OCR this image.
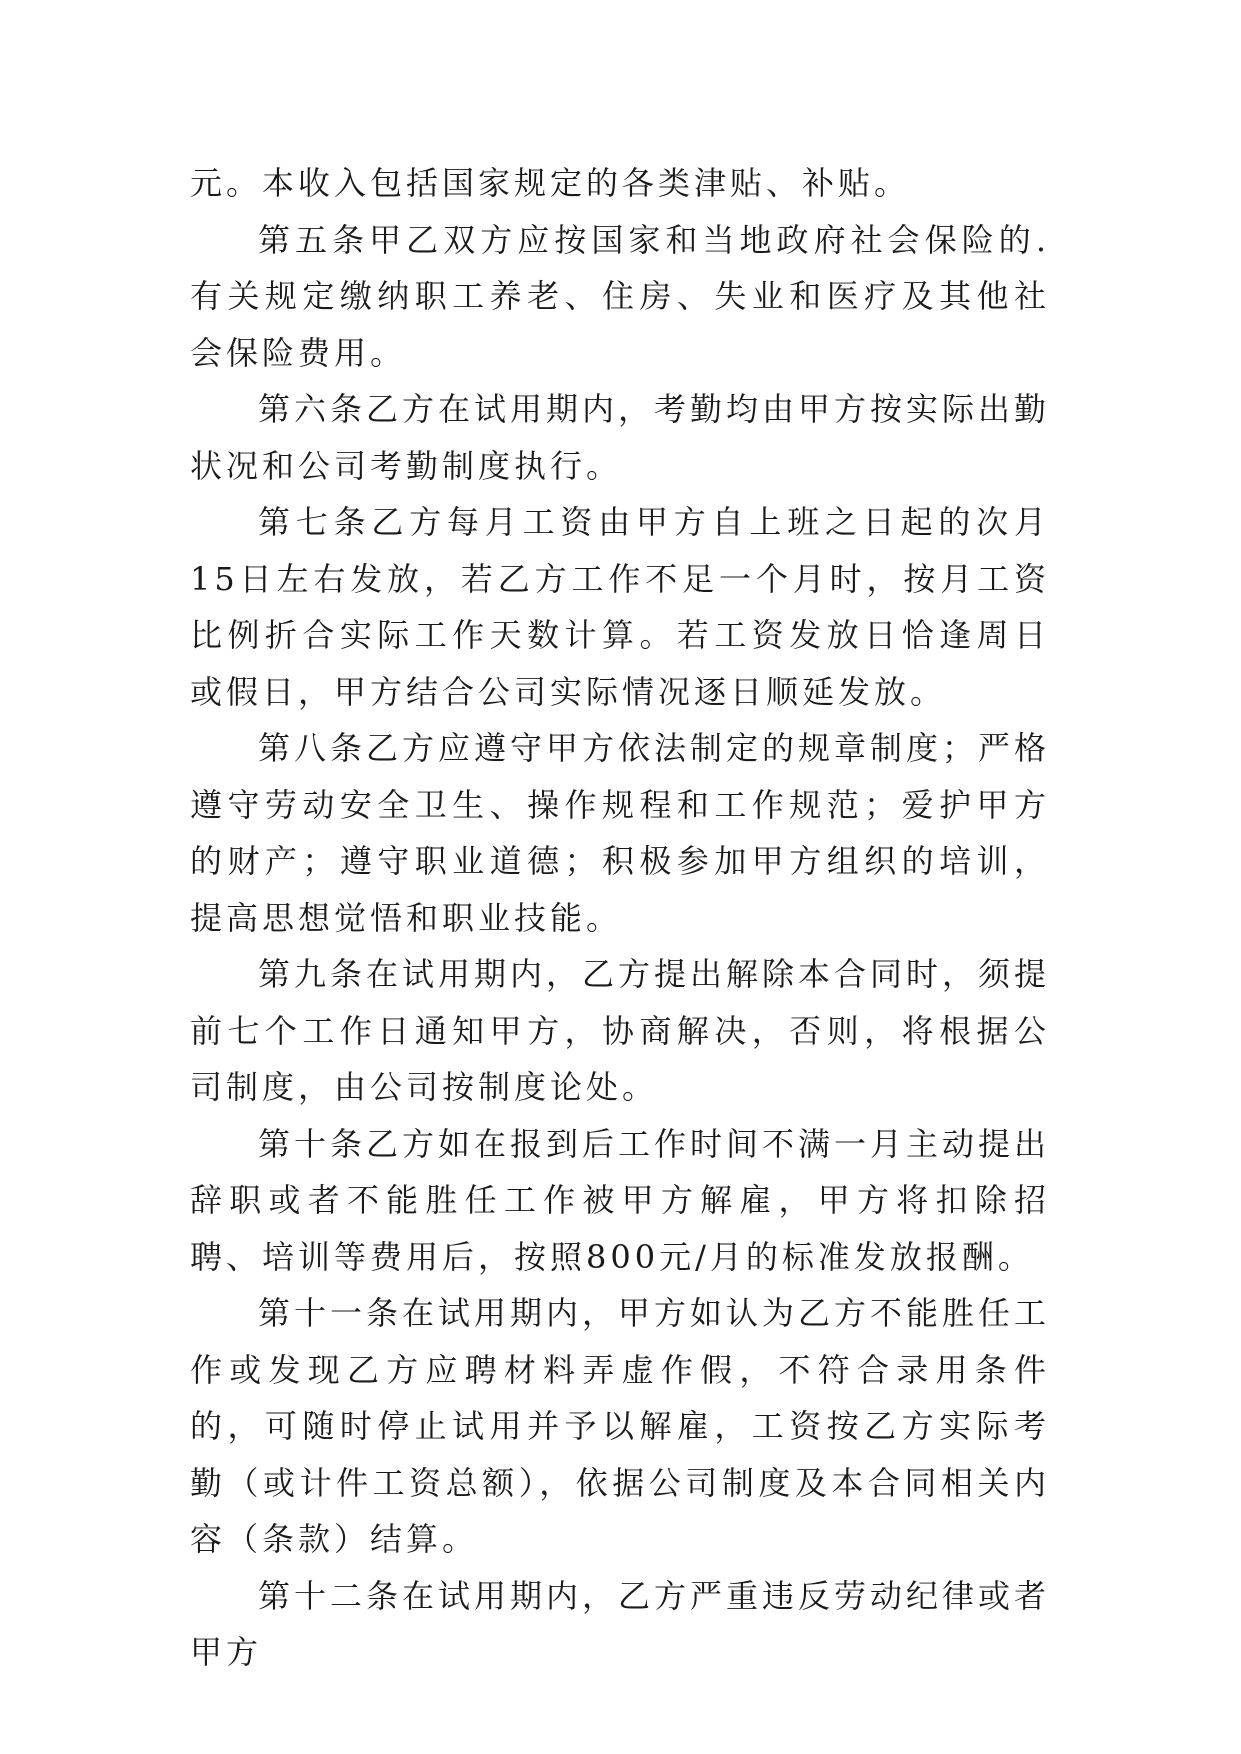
元。本收入包括国家规定的各类津贴、补贴。

第五条甲乙双方应按国家和当地政府社会保险的.有关规定缴纳职工养老、住房、失业和医疗及其他社会保险费用。

第六条乙方在试用期内，考勤均由甲方按实际出勤状况和公司考勤制度执行。

第七条乙方每月工资由甲方自上班之日起的次月15日左右发放，若乙方工作不足一个月时，按月工资比例折合实际工作天数计算。若工资发放日恰逢周日或假日，甲方结合公司实际情况逐日顺延发放。

第八条乙方应遵守甲方依法制定的规章制度；严格遵守劳动安全卫生、操作规程和工作规范；爱护甲方的财产；遵守职业道德；积极参加甲方组织的培训，提高思想觉悟和职业技能。

第九条在试用期内，乙方提出解除本合同时，须提前七个工作日通知甲方，协商解决，否则，将根据公司制度，由公司按制度论处。

第十条乙方如在报到后工作时间不满一月主动提出辞职或者不能胜任工作被甲方解雇，甲方将扣除招聘、培训等费用后，按照800元/月的标准发放报酬。

第十一条在试用期内，甲方如认为乙方不能胜任工作或发现乙方应聘材料弄虚作假，不符合录用条件的，可随时停止试用并予以解雇，工资按乙方实际考勤（或计件工资总额），依据公司制度及本合同相关内容（条款）结算。

第十二条在试用期内，乙方严重违反劳动纪律或者甲方
